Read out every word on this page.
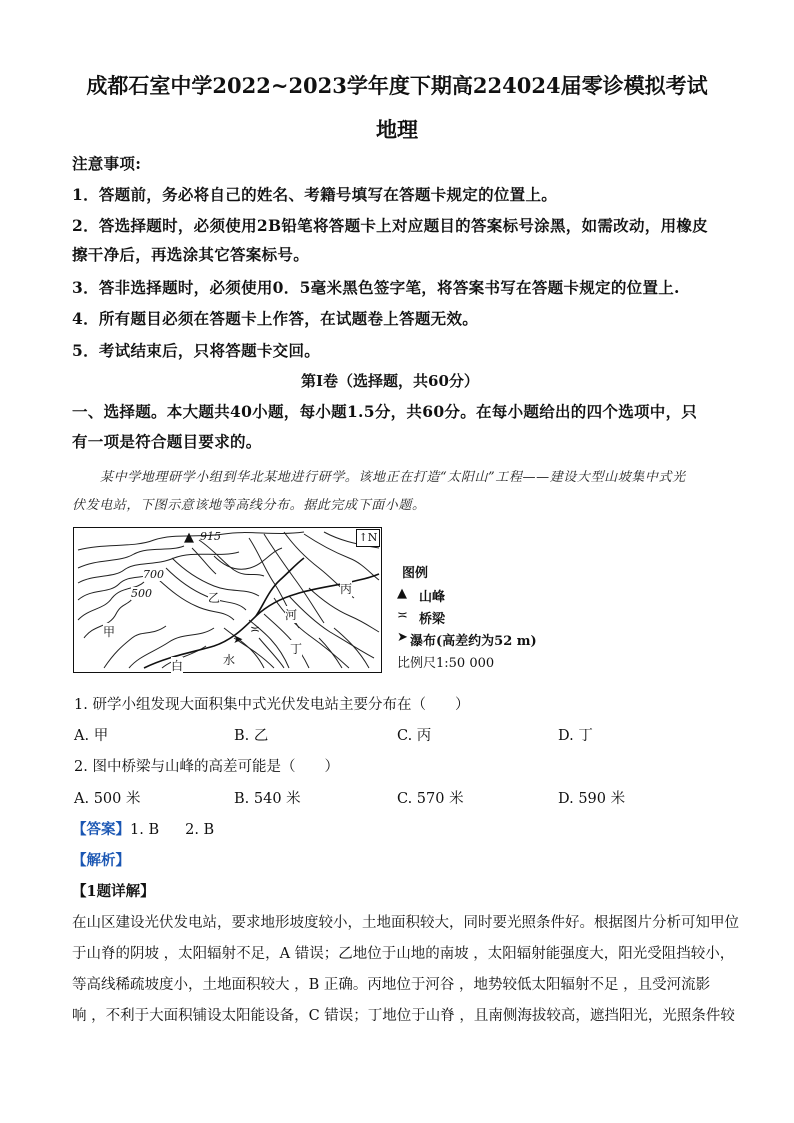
成都石室中学2022~2023学年度下期高224024届零诊模拟考试
地理
注意事项:
1．答题前，务必将自己的姓名、考籍号填写在答题卡规定的位置上。
2．答选择题时，必须使用2B铅笔将答题卡上对应题目的答案标号涂黑，如需改动，用橡皮
擦干净后，再选涂其它答案标号。
3．答非选择题时，必须使用0．5毫米黑色签字笔，将答案书写在答题卡规定的位置上.
4．所有题目必须在答题卡上作答，在试题卷上答题无效。
5．考试结束后，只将答题卡交回。
第Ⅰ卷（选择题，共60分）
一、选择题。本大题共40小题，每小题1.5分，共60分。在每小题给出的四个选项中，只
有一项是符合题目要求的。
某中学地理研学小组到华北某地进行研学。该地正在打造“太阳山”工程——建设大型山坡集中式光
伏发电站，下图示意该地等高线分布。据此完成下面小题。
▲ 915	↑N
700
500
甲
乙
丙
丁
河
白	水
➤
≍
图例
▲ 山峰
≍ 桥梁
➤ 瀑布(高差约为52 m)
比例尺1:50 000
1. 研学小组发现大面积集中式光伏发电站主要分布在（　　）
A. 甲	B. 乙	C. 丙	D. 丁
2. 图中桥梁与山峰的高差可能是（　　）
A. 500 米	B. 540 米	C. 570 米	D. 590 米
【答案】1. B 2. B
【解析】
【1题详解】
在山区建设光伏发电站，要求地形坡度较小，土地面积较大，同时要光照条件好。根据图片分析可知甲位
于山脊的阴坡 ，太阳辐射不足，A 错误；乙地位于山地的南坡 ，太阳辐射能强度大，阳光受阻挡较小，
等高线稀疏坡度小，土地面积较大 ，B 正确。丙地位于河谷 ，地势较低太阳辐射不足 ，且受河流影
响 ，不利于大面积铺设太阳能设备，C 错误；丁地位于山脊 ，且南侧海拔较高，遮挡阳光，光照条件较
